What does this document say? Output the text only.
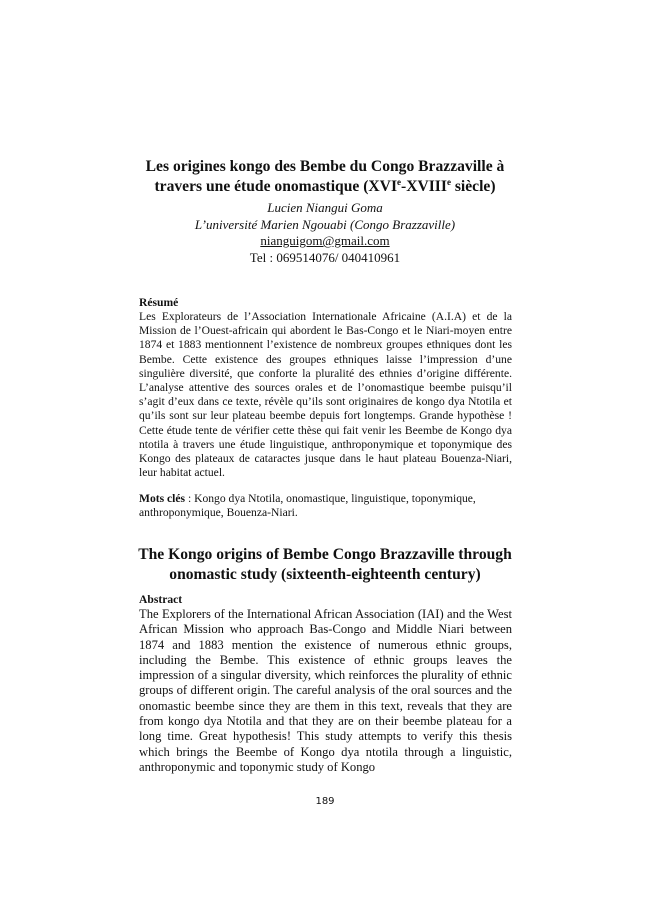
Les origines kongo des Bembe du Congo Brazzaville à
travers une étude onomastique (XVIe-XVIIIe siècle)
Lucien Niangui Goma
L’université Marien Ngouabi (Congo Brazzaville)
nianguigom@gmail.com
Tel : 069514076/ 040410961

Résumé

Les Explorateurs de l’Association Internationale Africaine (A.I.A) et de la Mission de l’Ouest-africain qui abordent le Bas-Congo et le Niari-moyen entre 1874 et 1883 mentionnent l’existence de nombreux groupes ethniques dont les Bembe. Cette existence des groupes ethniques laisse l’impression d’une singulière diversité, que conforte la pluralité des ethnies d’origine différente. L’analyse attentive des sources orales et de l’onomastique beembe puisqu’il s’agit d’eux dans ce texte, révèle qu’ils sont originaires de kongo dya Ntotila et qu’ils sont sur leur plateau beembe depuis fort longtemps. Grande hypothèse ! Cette étude tente de vérifier cette thèse qui fait venir les Beembe de Kongo dya ntotila à travers une étude linguistique, anthroponymique et toponymique des Kongo des plateaux de cataractes jusque dans le haut plateau Bouenza-Niari, leur habitat actuel.

Mots clés : Kongo dya Ntotila, onomastique, linguistique, toponymique, anthroponymique, Bouenza-Niari.

The Kongo origins of Bembe Congo Brazzaville through
onomastic study (sixteenth-eighteenth century)

Abstract

The Explorers of the International African Association (IAI) and the West African Mission who approach Bas-Congo and Middle Niari between 1874 and 1883 mention the existence of numerous ethnic groups, including the Bembe. This existence of ethnic groups leaves the impression of a singular diversity, which reinforces the plurality of ethnic groups of different origin. The careful analysis of the oral sources and the onomastic beembe since they are them in this text, reveals that they are from kongo dya Ntotila and that they are on their beembe plateau for a long time. Great hypothesis! This study attempts to verify this thesis which brings the Beembe of Kongo dya ntotila through a linguistic, anthroponymic and toponymic study of Kongo

189
